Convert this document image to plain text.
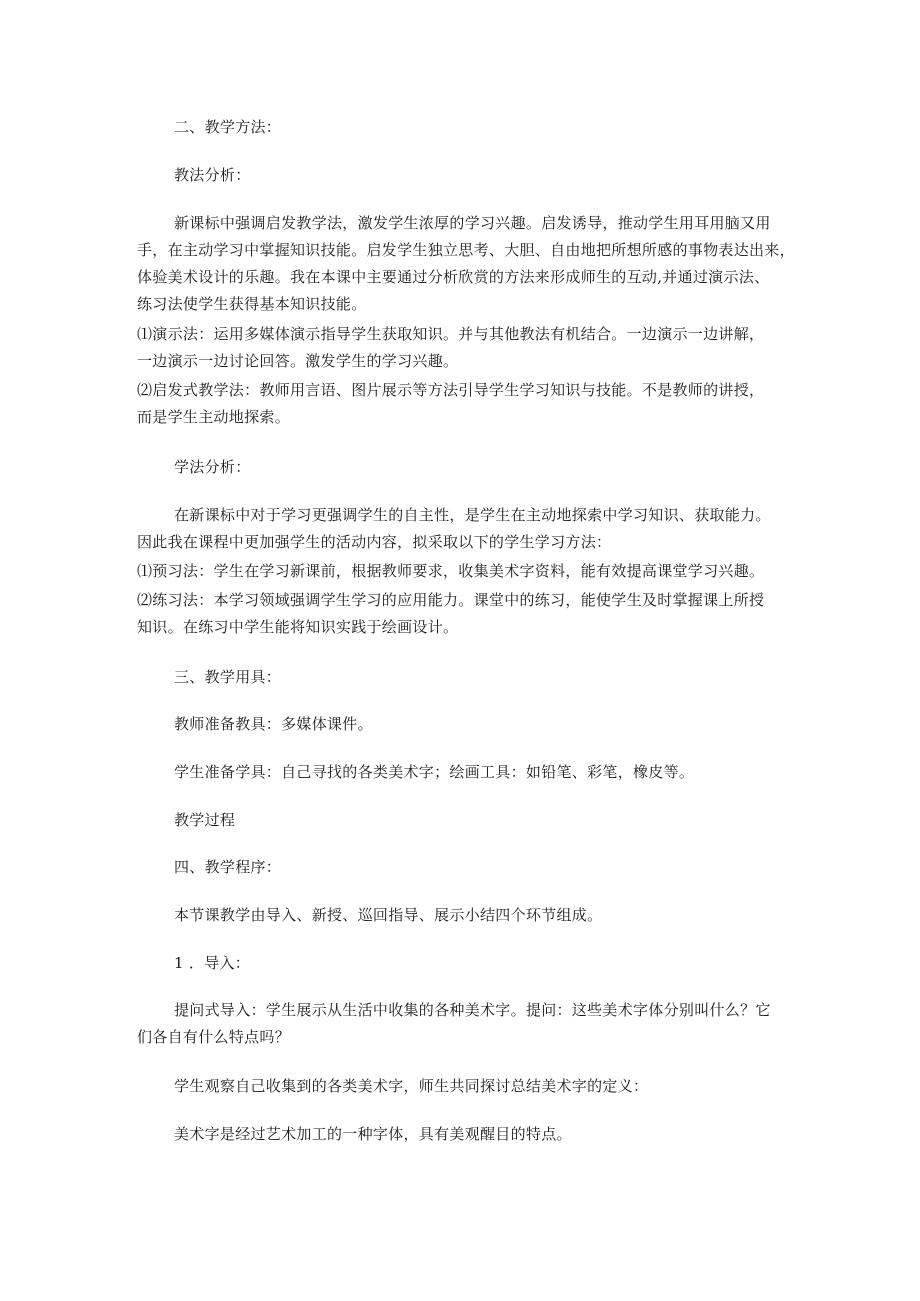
二、教学方法：
教法分析：
新课标中强调启发教学法，激发学生浓厚的学习兴趣。启发诱导，推动学生用耳用脑又用
手，在主动学习中掌握知识技能。启发学生独立思考、大胆、自由地把所想所感的事物表达出来，
体验美术设计的乐趣。我在本课中主要通过分析欣赏的方法来形成师生的互动,并通过演示法、
练习法使学生获得基本知识技能。
⑴演示法：运用多媒体演示指导学生获取知识。并与其他教法有机结合。一边演示一边讲解，
一边演示一边讨论回答。激发学生的学习兴趣。
⑵启发式教学法：教师用言语、图片展示等方法引导学生学习知识与技能。不是教师的讲授，
而是学生主动地探索。
学法分析：
在新课标中对于学习更强调学生的自主性，是学生在主动地探索中学习知识、获取能力。
因此我在课程中更加强学生的活动内容，拟采取以下的学生学习方法：
⑴预习法：学生在学习新课前，根据教师要求，收集美术字资料，能有效提高课堂学习兴趣。
⑵练习法：本学习领域强调学生学习的应用能力。课堂中的练习，能使学生及时掌握课上所授
知识。在练习中学生能将知识实践于绘画设计。
三、教学用具：
教师准备教具：多媒体课件。
学生准备学具：自己寻找的各类美术字；绘画工具：如铅笔、彩笔，橡皮等。
教学过程
四、教学程序：
本节课教学由导入、新授、巡回指导、展示小结四个环节组成。
1 ．导入：
提问式导入：学生展示从生活中收集的各种美术字。提问：这些美术字体分别叫什么？它
们各自有什么特点吗？
学生观察自己收集到的各类美术字，师生共同探讨总结美术字的定义：
美术字是经过艺术加工的一种字体，具有美观醒目的特点。
